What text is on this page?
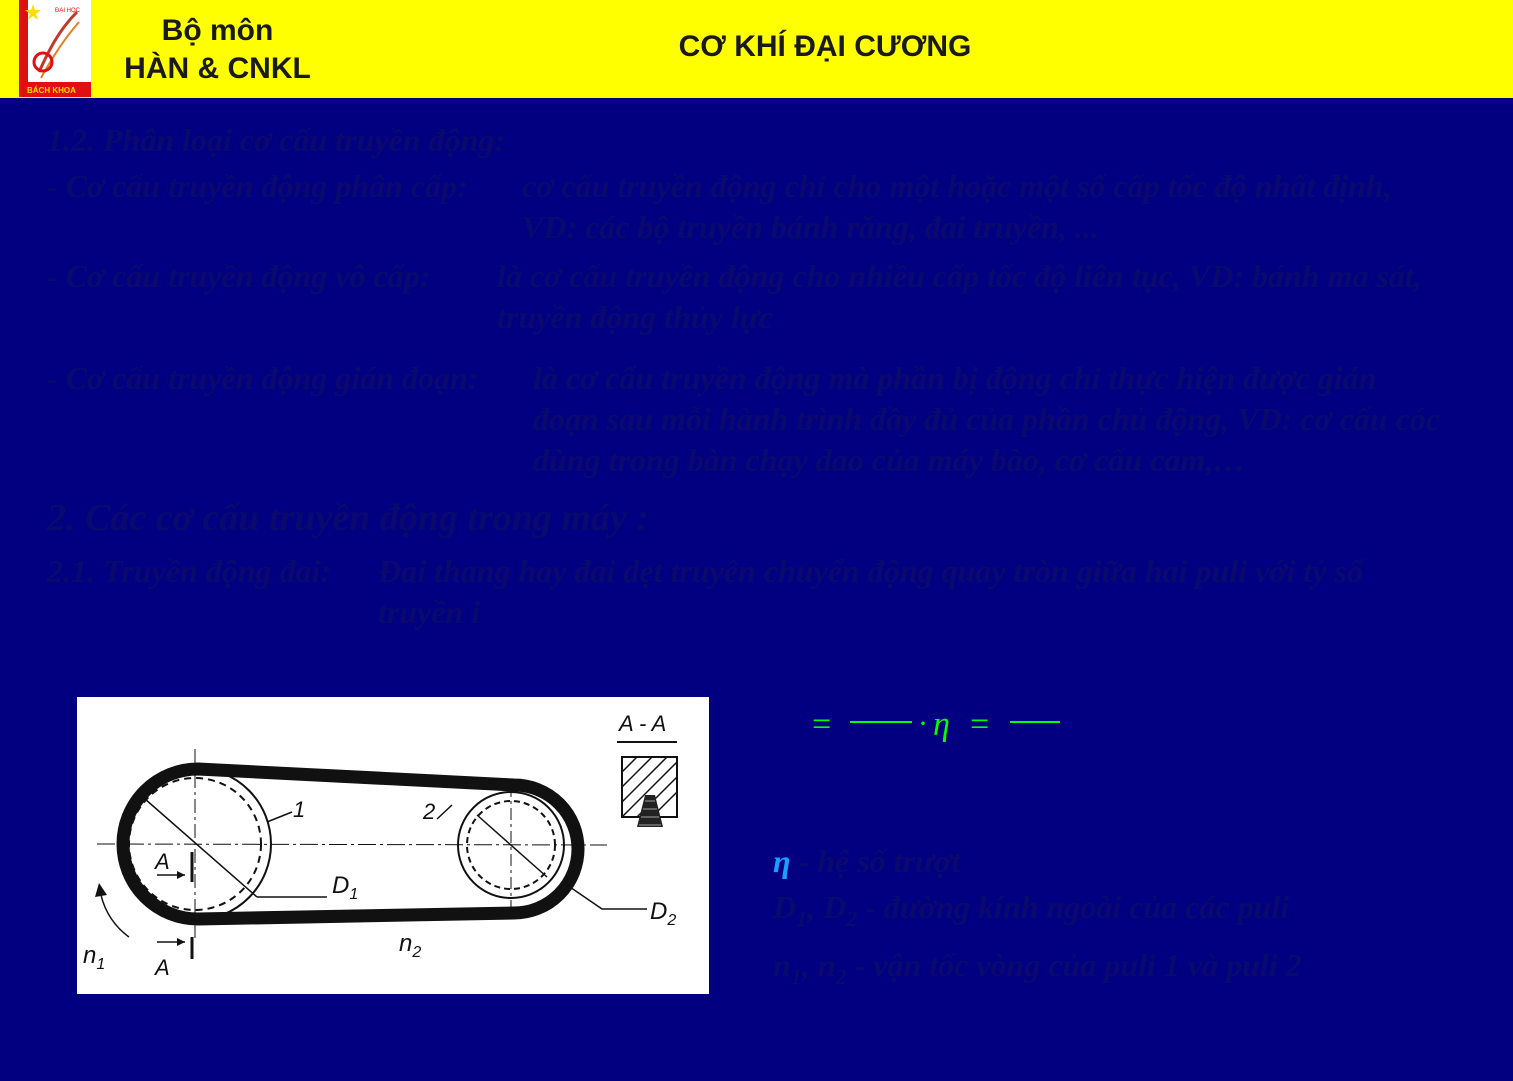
ĐẠI HỌC
BÁCH KHOA
Bộ môn
HÀN & CNKL
CƠ KHÍ ĐẠI CƯƠNG
1.2. Phân loại cơ cấu truyền động:
- Cơ cấu truyền động phân cấp: cơ cấu truyền động chỉ cho một hoặc một số cấp tốc độ nhất định,
VD: các bộ truyền bánh răng, đai truyền, ...
- Cơ cấu truyền động vô cấp: là cơ cấu truyền động cho nhiều cấp tốc độ liên tục, VD: bánh ma sát,
truyền động thủy lực
- Cơ cấu truyền động gián đoạn: là cơ cấu truyền động mà phần bị động chỉ thực hiện được gián
đoạn sau mỗi hành trình đầy đủ của phần chủ động, VD: cơ cấu cóc
dùng trong bàn chạy dao của máy bào, cơ cấu cam,…
2. Các cơ cấu truyền động trong máy :
2.1. Truyền động đai: Đai thang hay đai dẹt truyền chuyển động quay tròn giữa hai puli với tỷ số
truyền i
A - A
1	2
A
A
$D_1$
$D_2$
$n_1$
$n_2$
=	· η =
η - hệ số trượt
$D_1$, $D_2$ - đường kính ngoài của các puli
$n_1$, $n_2$ - vận tốc vòng của puli 1 và puli 2
